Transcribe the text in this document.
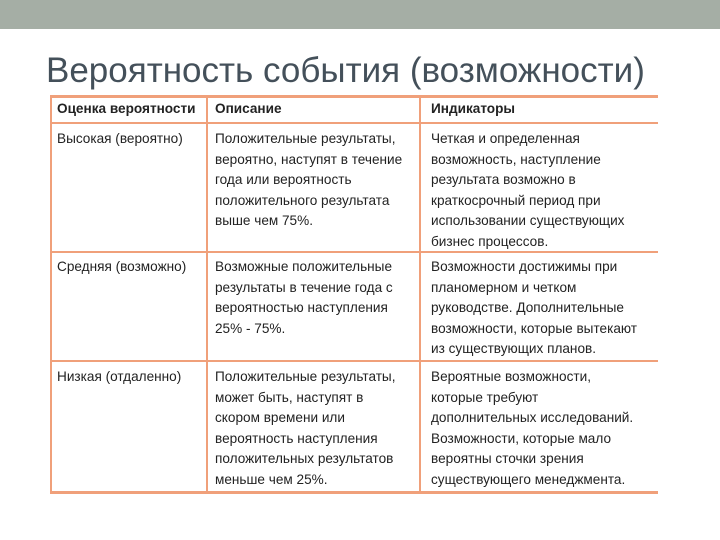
Вероятность события (возможности)
Оценка вероятности Описание	Индикаторы
Высокая (вероятно) Положительные результаты,
вероятно, наступят в течение
года или вероятность
положительного результата
выше чем 75%.
Четкая и определенная
возможность, наступление
результата возможно в
краткосрочный период при
использовании существующих
бизнес процессов.
Средняя (возможно) Возможные положительные
результаты в течение года с
вероятностью наступления
25% - 75%.
Возможности достижимы при
планомерном и четком
руководстве. Дополнительные
возможности, которые вытекают
из существующих планов.
Низкая (отдаленно) Положительные результаты,
может быть, наступят в
скором времени или
вероятность наступления
положительных результатов
меньше чем 25%.
Вероятные возможности,
которые требуют
дополнительных исследований.
Возможности, которые мало
вероятны сточки зрения
существующего менеджмента.
